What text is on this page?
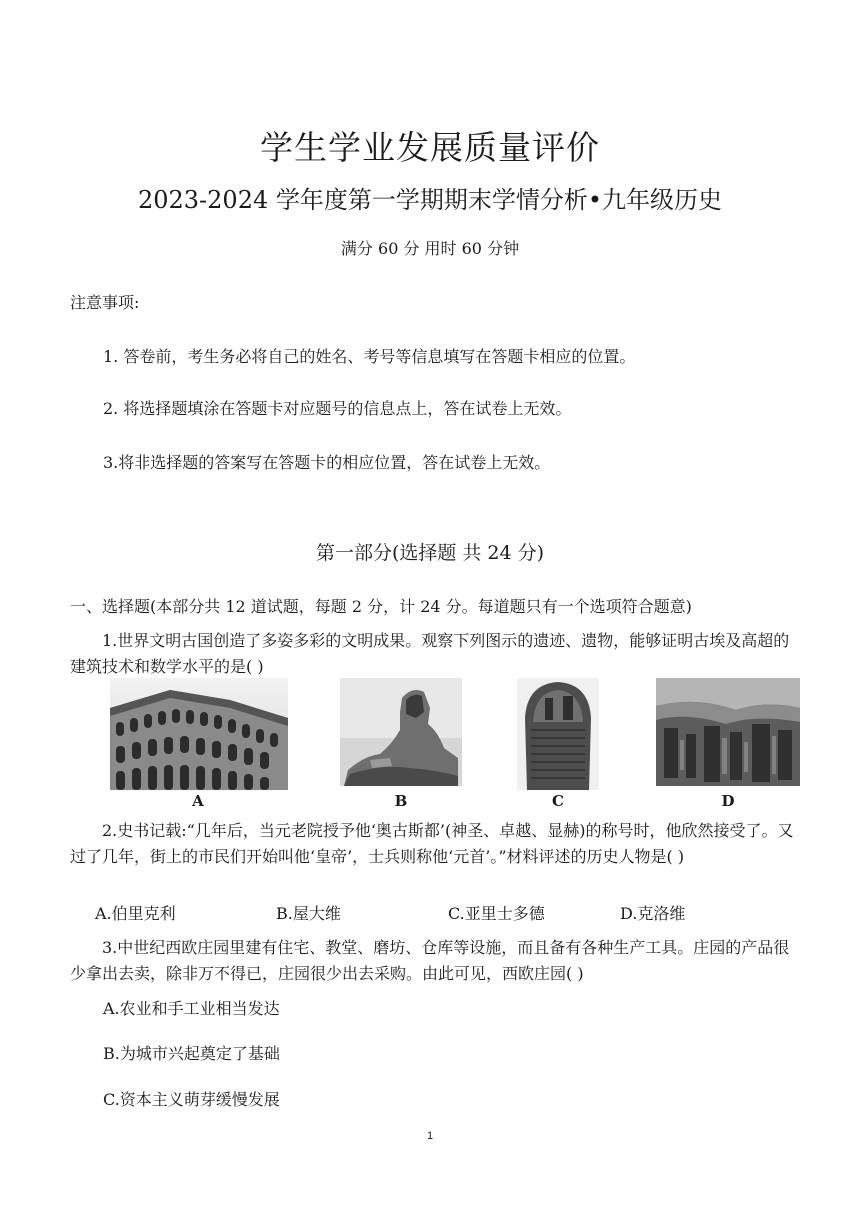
学生学业发展质量评价
2023-2024 学年度第一学期期末学情分析•九年级历史
满分 60 分 用时 60 分钟
注意事项:
1. 答卷前，考生务必将自己的姓名、考号等信息填写在答题卡相应的位置。
2. 将选择题填涂在答题卡对应题号的信息点上，答在试卷上无效。
3.将非选择题的答案写在答题卡的相应位置，答在试卷上无效。
第一部分(选择题 共 24 分)
一、选择题(本部分共 12 道试题，每题 2 分，计 24 分。每道题只有一个选项符合题意)
1.世界文明古国创造了多姿多彩的文明成果。观察下列图示的遗迹、遗物，能够证明古埃及高超的建筑技术和数学水平的是( )
A	B	C	D
2.史书记载:“几年后，当元老院授予他‘奥古斯都’(神圣、卓越、显赫)的称号时，他欣然接受了。又过了几年，街上的市民们开始叫他‘皇帝’，士兵则称他‘元首’。”材料评述的历史人物是( )
A.伯里克利	B.屋大维	C.亚里士多德	D.克洛维
3.中世纪西欧庄园里建有住宅、教堂、磨坊、仓库等设施，而且备有各种生产工具。庄园的产品很少拿出去卖，除非万不得已，庄园很少出去采购。由此可见，西欧庄园( )
A.农业和手工业相当发达
B.为城市兴起奠定了基础
C.资本主义萌芽缓慢发展
1
